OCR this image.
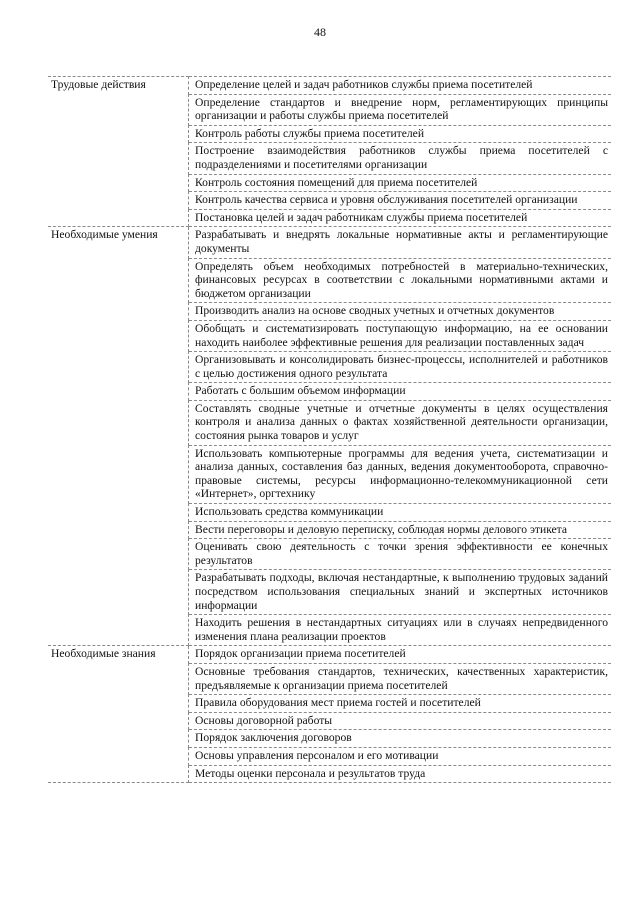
48
Трудовые действия	Определение целей и задач работников службы приема посетителей
	Определение стандартов и внедрение норм, регламентирующих принципы организации и работы службы приема посетителей
	Контроль работы службы приема посетителей
	Построение взаимодействия работников службы приема посетителей с подразделениями и посетителями организации
	Контроль состояния помещений для приема посетителей
	Контроль качества сервиса и уровня обслуживания посетителей организации
	Постановка целей и задач работникам службы приема посетителей
Необходимые умения	Разрабатывать и внедрять локальные нормативные акты и регламентирующие документы
	Определять объем необходимых потребностей в материально-технических, финансовых ресурсах в соответствии с локальными нормативными актами и бюджетом организации
	Производить анализ на основе сводных учетных и отчетных документов
	Обобщать и систематизировать поступающую информацию, на ее основании находить наиболее эффективные решения для реализации поставленных задач
	Организовывать и консолидировать бизнес-процессы, исполнителей и работников с целью достижения одного результата
	Работать с большим объемом информации
	Составлять сводные учетные и отчетные документы в целях осуществления контроля и анализа данных о фактах хозяйственной деятельности организации, состояния рынка товаров и услуг
	Использовать компьютерные программы для ведения учета, систематизации и анализа данных, составления баз данных, ведения документооборота, справочно-правовые системы, ресурсы информационно-телекоммуникационной сети «Интернет», оргтехнику
	Использовать средства коммуникации
	Вести переговоры и деловую переписку, соблюдая нормы делового этикета
	Оценивать свою деятельность с точки зрения эффективности ее конечных результатов
	Разрабатывать подходы, включая нестандартные, к выполнению трудовых заданий посредством использования специальных знаний и экспертных источников информации
	Находить решения в нестандартных ситуациях или в случаях непредвиденного изменения плана реализации проектов
Необходимые знания	Порядок организации приема посетителей
	Основные требования стандартов, технических, качественных характеристик, предъявляемые к организации приема посетителей
	Правила оборудования мест приема гостей и посетителей
	Основы договорной работы
	Порядок заключения договоров
	Основы управления персоналом и его мотивации
	Методы оценки персонала и результатов труда
